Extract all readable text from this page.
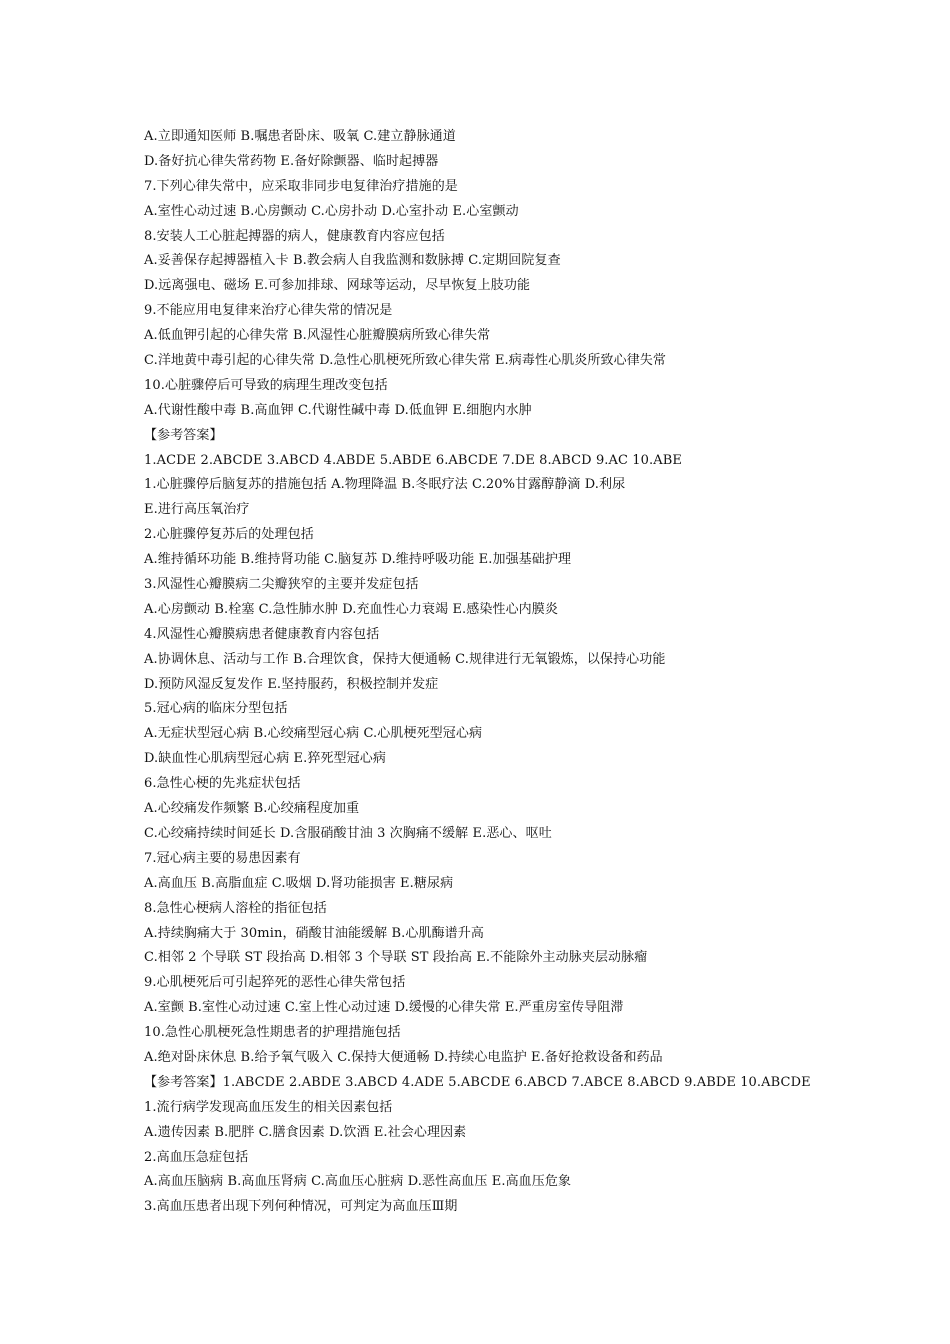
A.立即通知医师 B.嘱患者卧床、吸氧 C.建立静脉通道
D.备好抗心律失常药物 E.备好除颤器、临时起搏器
7.下列心律失常中，应采取非同步电复律治疗措施的是
A.室性心动过速 B.心房颤动 C.心房扑动 D.心室扑动 E.心室颤动
8.安装人工心脏起搏器的病人，健康教育内容应包括
A.妥善保存起搏器植入卡 B.教会病人自我监测和数脉搏 C.定期回院复查
D.远离强电、磁场 E.可参加排球、网球等运动，尽早恢复上肢功能
9.不能应用电复律来治疗心律失常的情况是
A.低血钾引起的心律失常 B.风湿性心脏瓣膜病所致心律失常
C.洋地黄中毒引起的心律失常 D.急性心肌梗死所致心律失常 E.病毒性心肌炎所致心律失常
10.心脏骤停后可导致的病理生理改变包括
A.代谢性酸中毒 B.高血钾 C.代谢性碱中毒 D.低血钾 E.细胞内水肿
【参考答案】
1.ACDE 2.ABCDE 3.ABCD 4.ABDE 5.ABDE 6.ABCDE 7.DE 8.ABCD 9.AC 10.ABE
1.心脏骤停后脑复苏的措施包括 A.物理降温 B.冬眠疗法 C.20%甘露醇静滴 D.利尿
E.进行高压氧治疗
2.心脏骤停复苏后的处理包括
A.维持循环功能 B.维持肾功能 C.脑复苏 D.维持呼吸功能 E.加强基础护理
3.风湿性心瓣膜病二尖瓣狭窄的主要并发症包括
A.心房颤动 B.栓塞 C.急性肺水肿 D.充血性心力衰竭 E.感染性心内膜炎
4.风湿性心瓣膜病患者健康教育内容包括
A.协调休息、活动与工作 B.合理饮食，保持大便通畅 C.规律进行无氧锻炼，以保持心功能
D.预防风湿反复发作 E.坚持服药，积极控制并发症
5.冠心病的临床分型包括
A.无症状型冠心病 B.心绞痛型冠心病 C.心肌梗死型冠心病
D.缺血性心肌病型冠心病 E.猝死型冠心病
6.急性心梗的先兆症状包括
A.心绞痛发作频繁 B.心绞痛程度加重
C.心绞痛持续时间延长 D.含服硝酸甘油 3 次胸痛不缓解 E.恶心、呕吐
7.冠心病主要的易患因素有
A.高血压 B.高脂血症 C.吸烟 D.肾功能损害 E.糖尿病
8.急性心梗病人溶栓的指征包括
A.持续胸痛大于 30min，硝酸甘油能缓解 B.心肌酶谱升高
C.相邻 2 个导联 ST 段抬高 D.相邻 3 个导联 ST 段抬高 E.不能除外主动脉夹层动脉瘤
9.心肌梗死后可引起猝死的恶性心律失常包括
A.室颤 B.室性心动过速 C.室上性心动过速 D.缓慢的心律失常 E.严重房室传导阻滞
10.急性心肌梗死急性期患者的护理措施包括
A.绝对卧床休息 B.给予氧气吸入 C.保持大便通畅 D.持续心电监护 E.备好抢救设备和药品
【参考答案】1.ABCDE 2.ABDE 3.ABCD 4.ADE 5.ABCDE 6.ABCD 7.ABCE 8.ABCD 9.ABDE 10.ABCDE
1.流行病学发现高血压发生的相关因素包括
A.遗传因素 B.肥胖 C.膳食因素 D.饮酒 E.社会心理因素
2.高血压急症包括
A.高血压脑病 B.高血压肾病 C.高血压心脏病 D.恶性高血压 E.高血压危象
3.高血压患者出现下列何种情况，可判定为高血压Ⅲ期
